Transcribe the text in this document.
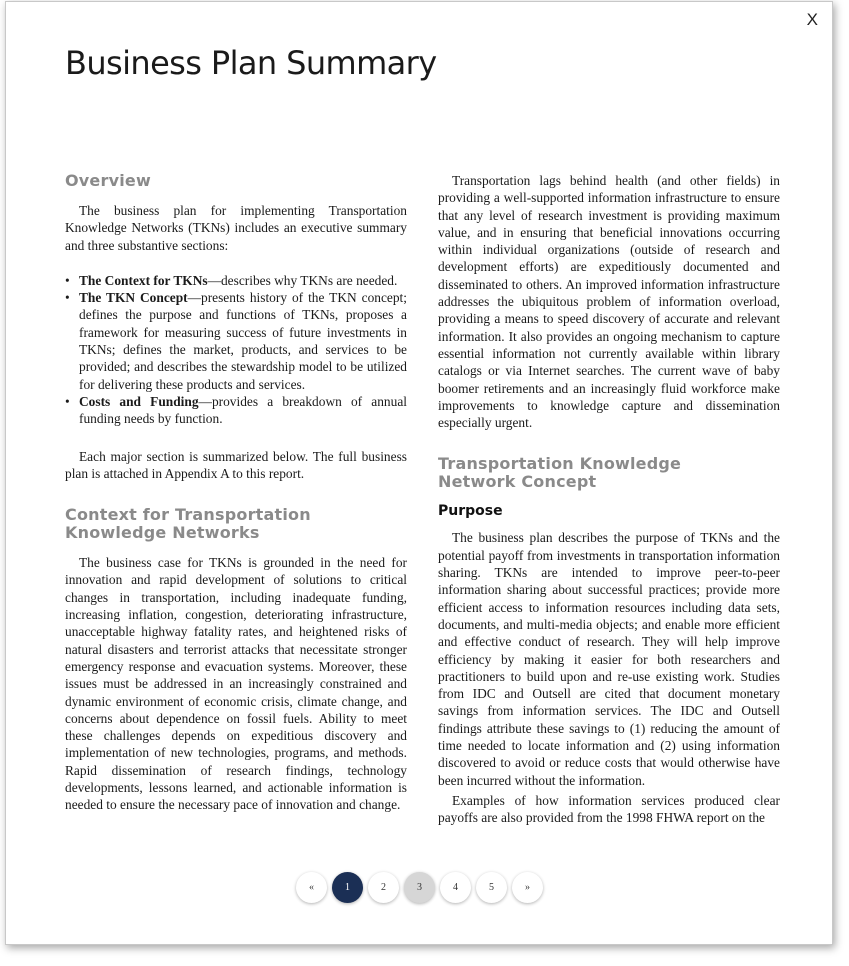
X
Business Plan Summary
Overview

The business plan for implementing Transportation Knowledge Networks (TKNs) includes an executive summary and three substantive sections:

• The Context for TKNs—describes why TKNs are needed.
• The TKN Concept—presents history of the TKN concept; defines the purpose and functions of TKNs, proposes a framework for measuring success of future investments in TKNs; defines the market, products, and services to be provided; and describes the stewardship model to be utilized for delivering these products and services.
• Costs and Funding—provides a breakdown of annual funding needs by function.

Each major section is summarized below. The full business plan is attached in Appendix A to this report.

Context for Transportation
Knowledge Networks

The business case for TKNs is grounded in the need for innovation and rapid development of solutions to critical changes in transportation, including inadequate funding, increasing inflation, congestion, deteriorating infrastructure, unacceptable highway fatality rates, and heightened risks of natural disasters and terrorist attacks that necessitate stronger emergency response and evacuation systems. Moreover, these issues must be addressed in an increasingly constrained and dynamic environment of economic crisis, climate change, and concerns about dependence on fossil fuels. Ability to meet these challenges depends on expeditious discovery and implementation of new technologies, programs, and methods. Rapid dissemination of research findings, technology developments, lessons learned, and actionable information is needed to ensure the necessary pace of innovation and change.

Transportation lags behind health (and other fields) in providing a well-supported information infrastructure to ensure that any level of research investment is providing maximum value, and in ensuring that beneficial innovations occurring within individual organizations (outside of research and development efforts) are expeditiously documented and disseminated to others. An improved information infrastructure addresses the ubiquitous problem of information overload, providing a means to speed discovery of accurate and relevant information. It also provides an ongoing mechanism to capture essential information not currently available within library catalogs or via Internet searches. The current wave of baby boomer retirements and an increasingly fluid workforce make improvements to knowledge capture and dissemination especially urgent.

Transportation Knowledge
Network Concept
Purpose

The business plan describes the purpose of TKNs and the potential payoff from investments in transportation information sharing. TKNs are intended to improve peer-to-peer information sharing about successful practices; provide more efficient access to information resources including data sets, documents, and multi-media objects; and enable more efficient and effective conduct of research. They will help improve efficiency by making it easier for both researchers and practitioners to build upon and re-use existing work. Studies from IDC and Outsell are cited that document monetary savings from information services. The IDC and Outsell findings attribute these savings to (1) reducing the amount of time needed to locate information and (2) using information discovered to avoid or reduce costs that would otherwise have been incurred without the information.

Examples of how information services produced clear payoffs are also provided from the 1998 FHWA report on the

«	1	2	3	4	5	»
